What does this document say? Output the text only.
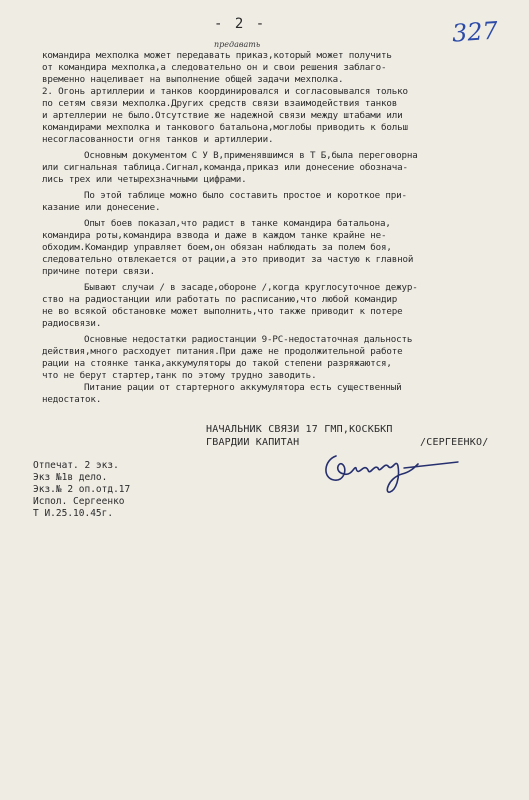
- 2 -	327
предавать
командира мехполка может передавать приказ,который может получить
от командира мехполка,а следовательно он и свои решения заблаго-
временно нацеливает на выполнение общей задачи мехполка.
2. Огонь артиллерии и танков координировался и согласовывался только
по сетям связи мехполка.Других средств связи взаимодействия танков
и артеллерии не было.Отсутствие же надежной связи между штабами или
командирами мехполка и танкового батальона,моглобы приводить к больш
несогласованности огня танков и артиллерии.
Основным документом С У В,применявшимся в Т Б,была переговорна
или сигнальная таблица.Сигнал,команда,приказ или донесение обознача-
лись трех или четырехзначными цифрами.
По этой таблице можно было составить простое и короткое при-
казание или донесение.
Опыт боев показал,что радист в танке командира батальона,
командира роты,командира взвода и даже в каждом танке крайне не-
обходим.Командир управляет боем,он обязан наблюдать за полем боя,
следовательно отвлекается от рации,а это приводит за частую к главной
причине потери связи.
Бывают случаи / в засаде,обороне /,когда круглосуточное дежур-
ство на радиостанции или работать по расписанию,что любой командир
не во всякой обстановке может выполнить,что также приводит к потере
радиосвязи.
Основные недостатки радиостанции 9-РС-недостаточная дальность
действия,много расходует питания.При даже не продолжительной работе
рации на стоянке танка,аккумуляторы до такой степени разряжаются,
что не берут стартер,танк по этому трудно заводить.
Питание рации от стартерного аккумулятора есть существенный
недостаток.
НАЧАЛЬНИК СВЯЗИ 17 ГМП,КОСКБКП
ГВАРДИИ КАПИТАН	/СЕРГЕЕНКО/
Отпечат. 2 экз.
Экз №1в дело.
Экз.№ 2 оп.отд.17
Испол. Сергеенко
Т И.25.10.45г.
